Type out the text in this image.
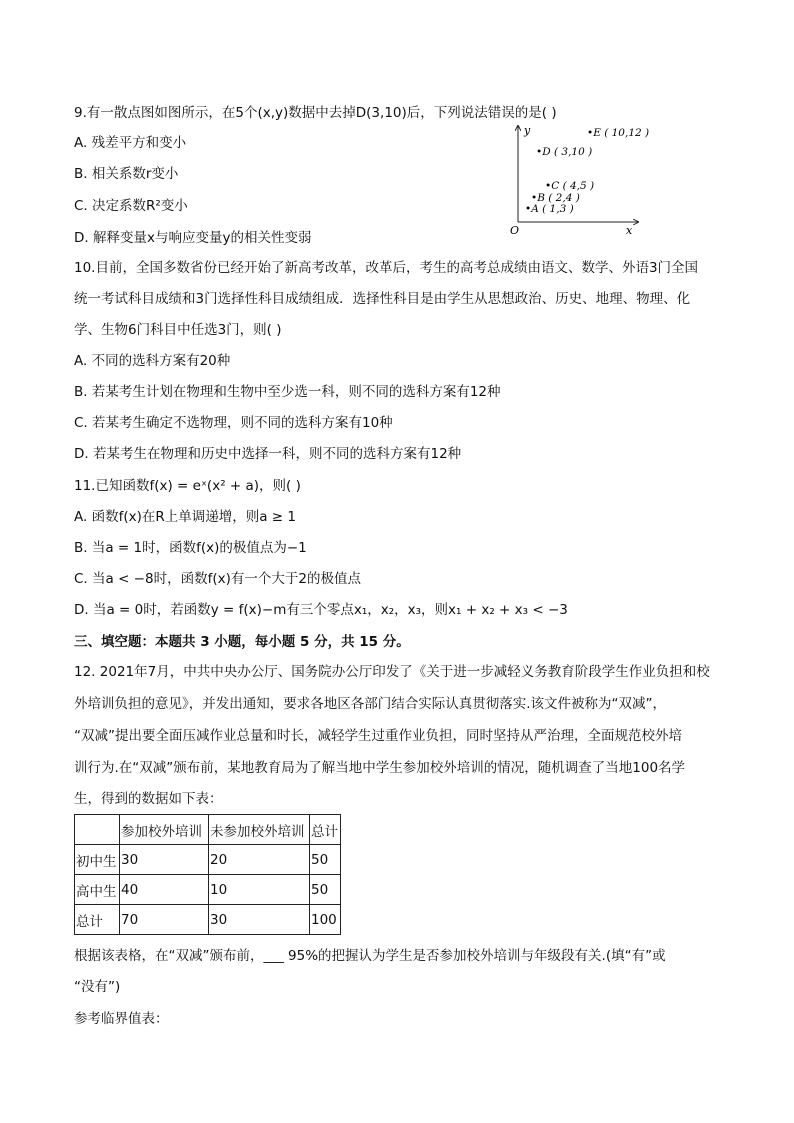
9.有一散点图如图所示，在5个(x,y)数据中去掉D(3,10)后，下列说法错误的是( )
A. 残差平方和变小
B. 相关系数r变小
C. 决定系数R²变小
D. 解释变量x与响应变量y的相关性变弱	x
y
O
•E ( 10,12 )
•D ( 3,10 )
•C ( 4,5 )
•B ( 2,4 )
•A ( 1,3 )
10.目前，全国多数省份已经开始了新高考改革，改革后，考生的高考总成绩由语文、数学、外语3门全国
统一考试科目成绩和3门选择性科目成绩组成．选择性科目是由学生从思想政治、历史、地理、物理、化
学、生物6门科目中任选3门，则( )
A. 不同的选科方案有20种
B. 若某考生计划在物理和生物中至少选一科，则不同的选科方案有12种
C. 若某考生确定不选物理，则不同的选科方案有10种
D. 若某考生在物理和历史中选择一科，则不同的选科方案有12种
11.已知函数f(x) = eˣ(x² + a)，则( )
A. 函数f(x)在R上单调递增，则a ≥ 1
B. 当a = 1时，函数f(x)的极值点为−1
C. 当a < −8时，函数f(x)有一个大于2的极值点
D. 当a = 0时，若函数y = f(x)−m有三个零点x₁，x₂，x₃，则x₁ + x₂ + x₃ < −3
三、填空题：本题共 3 小题，每小题 5 分，共 15 分。
12. 2021年7月，中共中央办公厅、国务院办公厅印发了《关于进一步减轻义务教育阶段学生作业负担和校
外培训负担的意见》，并发出通知，要求各地区各部门结合实际认真贯彻落实.该文件被称为“双减”，
“双减”提出要全面压减作业总量和时长，减轻学生过重作业负担，同时坚持从严治理，全面规范校外培
训行为.在“双减”颁布前，某地教育局为了解当地中学生参加校外培训的情况，随机调查了当地100名学
生，得到的数据如下表：
	参加校外培训	未参加校外培训	总计
初中生	30	20	50
高中生	40	10	50
总计	70	30	100
根据该表格，在“双减”颁布前，___ 95%的把握认为学生是否参加校外培训与年级段有关.(填“有”或
“没有”)
参考临界值表：
